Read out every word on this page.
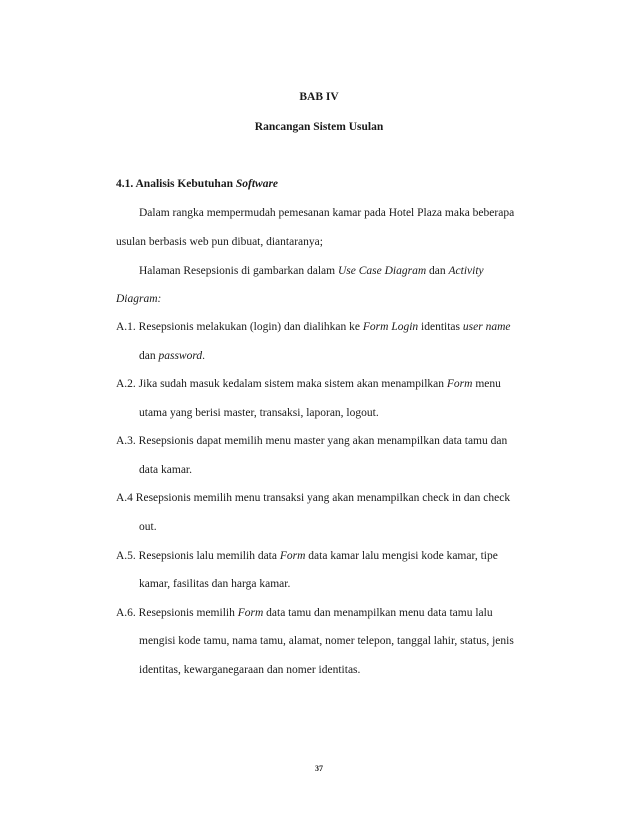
BAB IV
Rancangan Sistem Usulan
4.1. Analisis Kebutuhan Software
Dalam rangka mempermudah pemesanan kamar pada Hotel Plaza maka beberapa
usulan berbasis web pun dibuat, diantaranya;
Halaman Resepsionis di gambarkan dalam Use Case Diagram dan Activity
Diagram:
A.1. Resepsionis melakukan (login) dan dialihkan ke Form Login identitas user name
dan password.
A.2. Jika sudah masuk kedalam sistem maka sistem akan menampilkan Form menu
utama yang berisi master, transaksi, laporan, logout.
A.3. Resepsionis dapat memilih menu master yang akan menampilkan data tamu dan
data kamar.
A.4 Resepsionis memilih menu transaksi yang akan menampilkan check in dan check
out.
A.5. Resepsionis lalu memilih data Form data kamar lalu mengisi kode kamar, tipe
kamar, fasilitas dan harga kamar.
A.6. Resepsionis memilih Form data tamu dan menampilkan menu data tamu lalu
mengisi kode tamu, nama tamu, alamat, nomer telepon, tanggal lahir, status, jenis
identitas, kewarganegaraan dan nomer identitas.
37
